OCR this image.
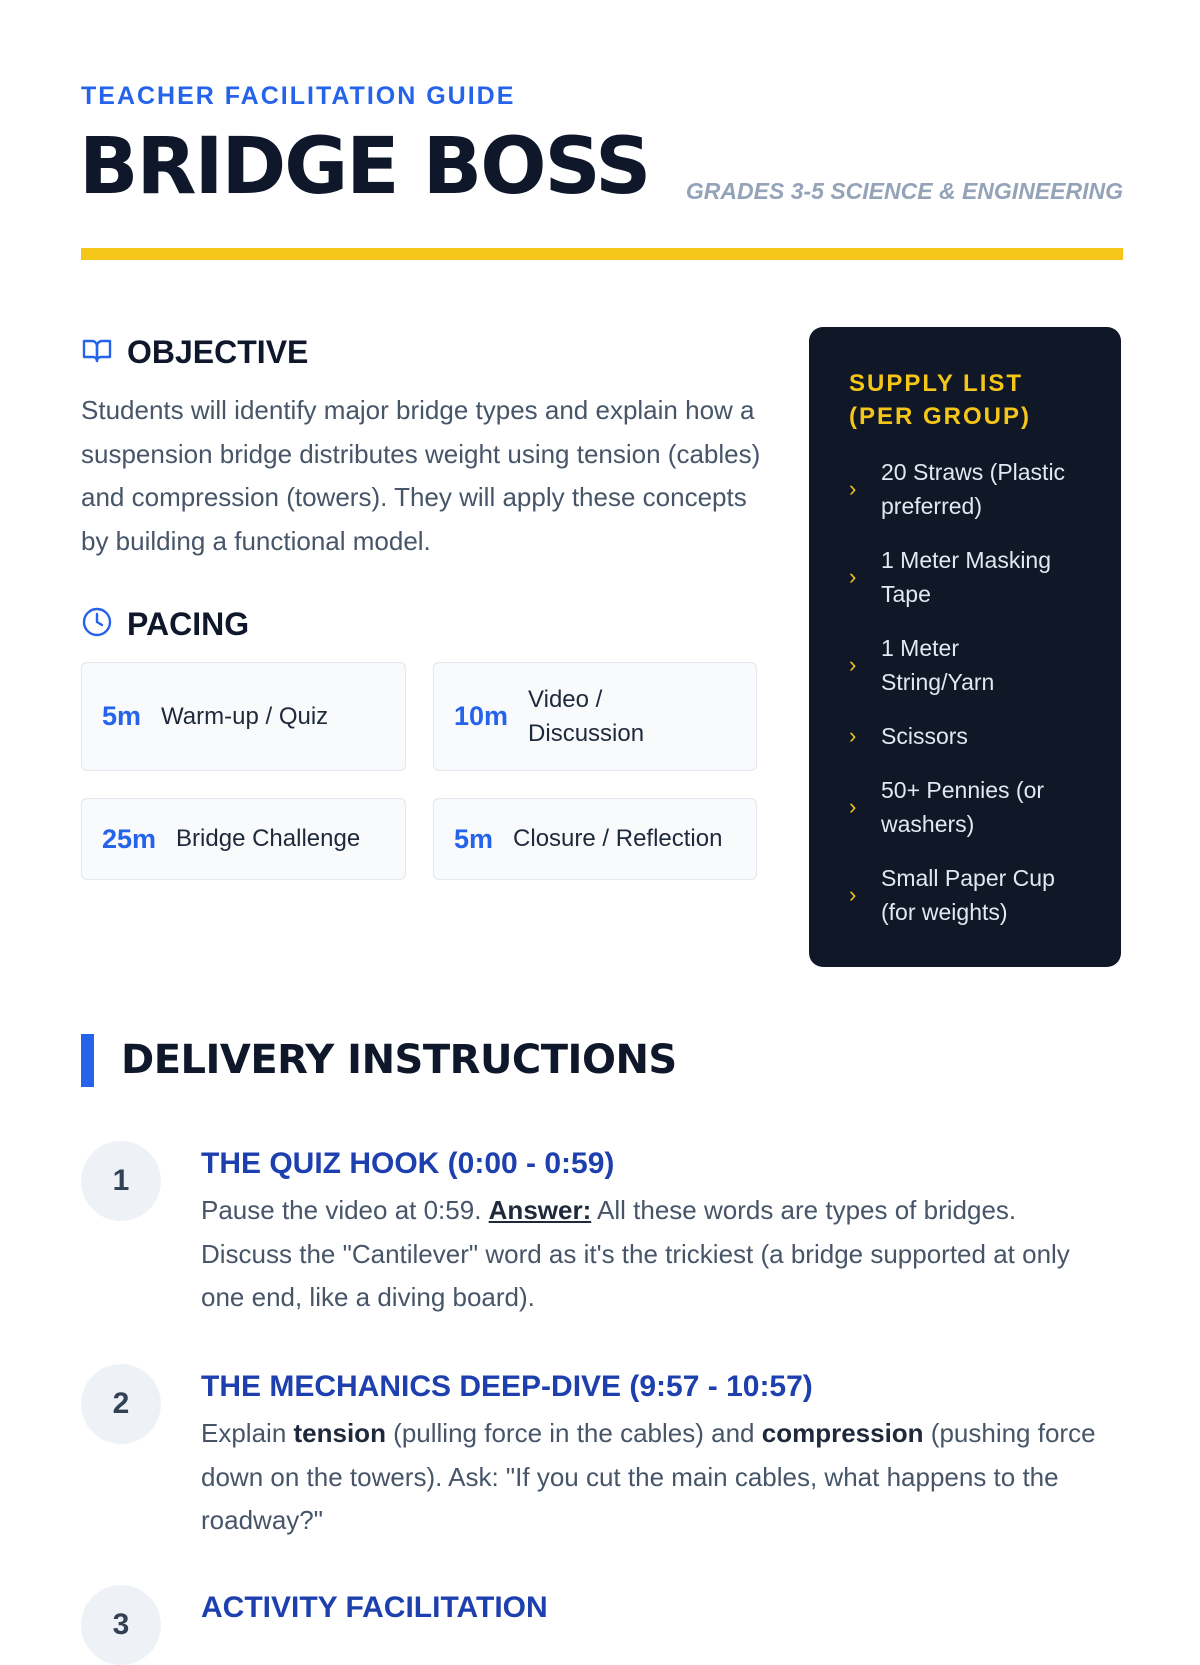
TEACHER FACILITATION GUIDE
BRIDGE BOSS GRADES 3-5 SCIENCE & ENGINEERING
OBJECTIVE

Students will identify major bridge types and explain how a suspension bridge distributes weight using tension (cables) and compression (towers). They will apply these concepts by building a functional model.

PACING
5m Warm-up / Quiz	10m
Video / Discussion
25m Bridge Challenge	5m Closure / Reflection
SUPPLY LIST (PER GROUP)
›
20 Straws (Plastic preferred)
›
1 Meter Masking Tape
›
1 Meter String/Yarn
›	Scissors
›
50+ Pennies (or washers)
›
Small Paper Cup (for weights)
DELIVERY INSTRUCTIONS
1
THE QUIZ HOOK (0:00 - 0:59)

Pause the video at 0:59. Answer: All these words are types of bridges. Discuss the "Cantilever" word as it's the trickiest (a bridge supported at only one end, like a diving board).

2
THE MECHANICS DEEP-DIVE (9:57 - 10:57)

Explain tension (pulling force in the cables) and compression (pushing force down on the towers). Ask: "If you cut the main cables, what happens to the roadway?"

3
ACTIVITY FACILITATION
